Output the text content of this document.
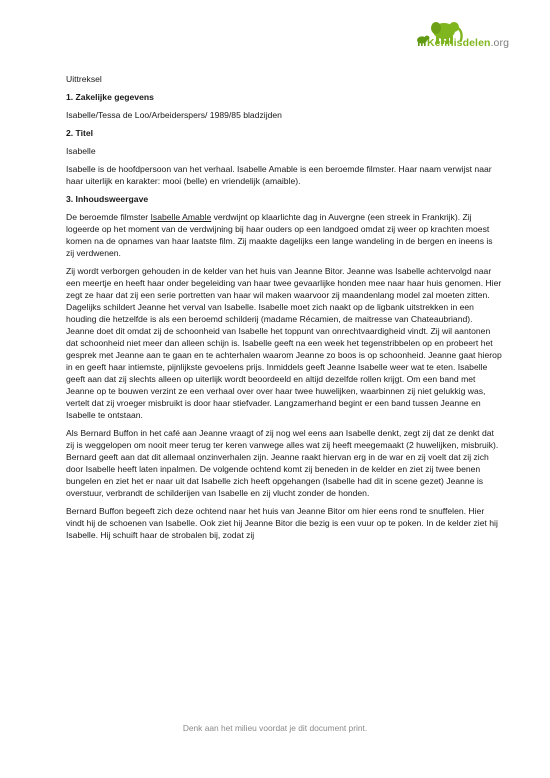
Kennisdelen.org

Uittreksel

1. Zakelijke gegevens

Isabelle/Tessa de Loo/Arbeiderspers/ 1989/85 bladzijden

2. Titel

Isabelle

Isabelle is de hoofdpersoon van het verhaal. Isabelle Amable is een beroemde filmster. Haar naam verwijst naar haar uiterlijk en karakter: mooi (belle) en vriendelijk (amaible).

3. Inhoudsweergave

De beroemde filmster Isabelle Amable verdwijnt op klaarlichte dag in Auvergne (een streek in Frankrijk). Zij logeerde op het moment van de verdwijning bij haar ouders op een landgoed omdat zij weer op krachten moest komen na de opnames van haar laatste film. Zij maakte dagelijks een lange wandeling in de bergen en ineens is zij verdwenen.

Zij wordt verborgen gehouden in de kelder van het huis van Jeanne Bitor. Jeanne was Isabelle achtervolgd naar een meertje en heeft haar onder begeleiding van haar twee gevaarlijke honden mee naar haar huis genomen. Hier zegt ze haar dat zij een serie portretten van haar wil maken waarvoor zij maandenlang model zal moeten zitten. Dagelijks schildert Jeanne het verval van Isabelle. Isabelle moet zich naakt op de ligbank uitstrekken in een houding die hetzelfde is als een beroemd schilderij (madame Récamien, de maitresse van Chateaubriand). Jeanne doet dit omdat zij de schoonheid van Isabelle het toppunt van onrechtvaardigheid vindt. Zij wil aantonen dat schoonheid niet meer dan alleen schijn is. Isabelle geeft na een week het tegenstribbelen op en probeert het gesprek met Jeanne aan te gaan en te achterhalen waarom Jeanne zo boos is op schoonheid. Jeanne gaat hierop in en geeft haar intiemste, pijnlijkste gevoelens prijs. Inmiddels geeft Jeanne Isabelle weer wat te eten. Isabelle geeft aan dat zij slechts alleen op uiterlijk wordt beoordeeld en altijd dezelfde rollen krijgt. Om een band met Jeanne op te bouwen verzint ze een verhaal over over haar twee huwelijken, waarbinnen zij niet gelukkig was, vertelt dat zij vroeger misbruikt is door haar stiefvader. Langzamerhand begint er een band tussen Jeanne en Isabelle te ontstaan.

Als Bernard Buffon in het café aan Jeanne vraagt of zij nog wel eens aan Isabelle denkt, zegt zij dat ze denkt dat zij is weggelopen om nooit meer terug ter keren vanwege alles wat zij heeft meegemaakt (2 huwelijken, misbruik). Bernard geeft aan dat dit allemaal onzinverhalen zijn. Jeanne raakt hiervan erg in de war en zij voelt dat zij zich door Isabelle heeft laten inpalmen. De volgende ochtend komt zij beneden in de kelder en ziet zij twee benen bungelen en ziet het er naar uit dat Isabelle zich heeft opgehangen (Isabelle had dit in scene gezet) Jeanne is overstuur, verbrandt de schilderijen van Isabelle en zij vlucht zonder de honden.

Bernard Buffon begeeft zich deze ochtend naar het huis van Jeanne Bitor om hier eens rond te snuffelen. Hier vindt hij de schoenen van Isabelle. Ook ziet hij Jeanne Bitor die bezig is een vuur op te poken. In de kelder ziet hij Isabelle. Hij schuift haar de strobalen bij, zodat zij

Denk aan het milieu voordat je dit document print.
